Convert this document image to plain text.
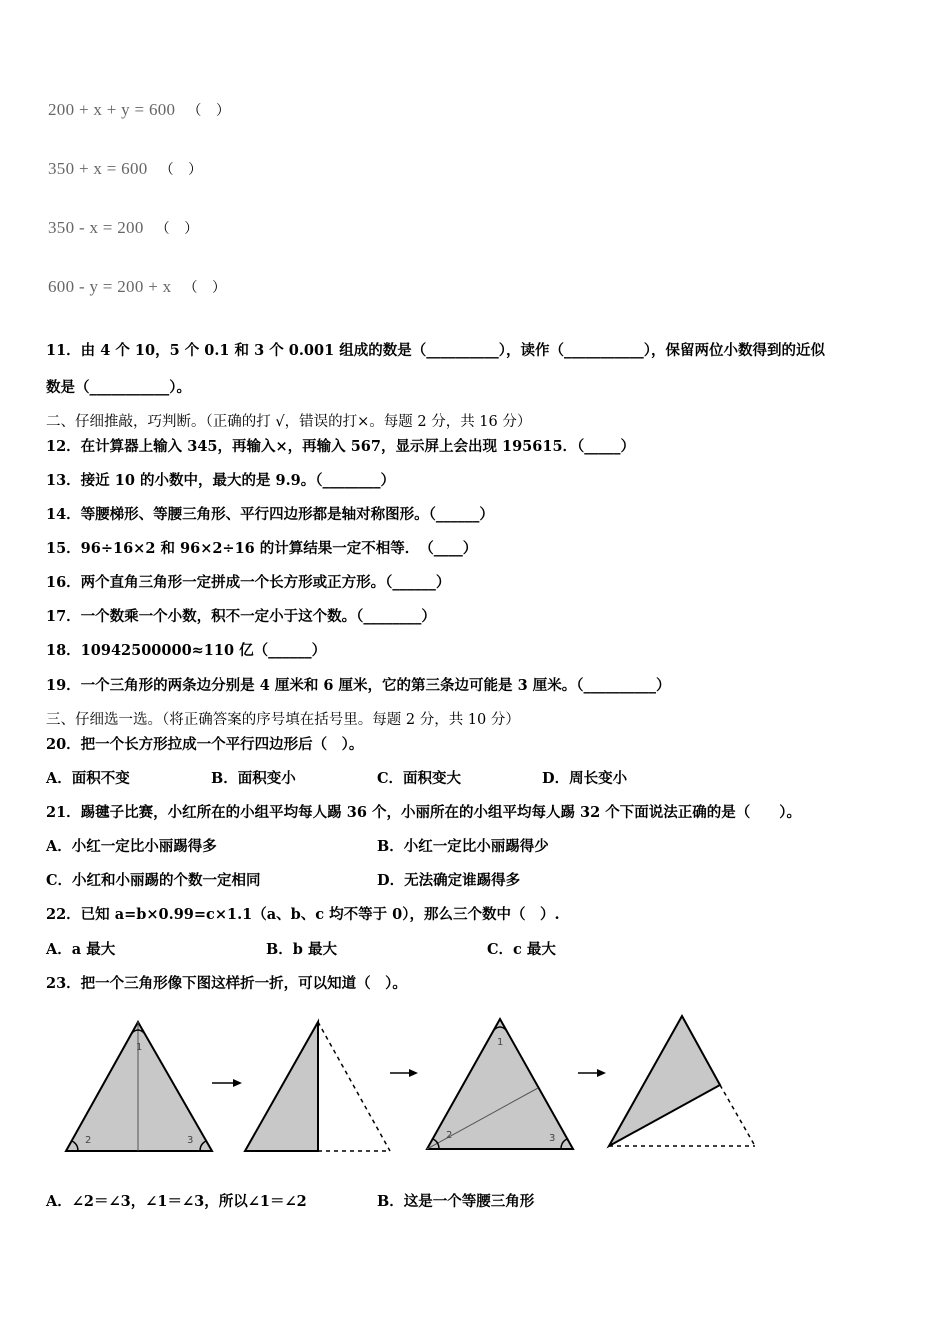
200 + x + y = 600 （　）
350 + x = 600 （　）
350 - x = 200 （　）
600 - y = 200 + x （　）
11．由 4 个 10，5 个 0.1 和 3 个 0.001 组成的数是（__________），读作（___________），保留两位小数得到的近似
数是（___________）。
二、仔细推敲，巧判断。（正确的打 √，错误的打×。每题 2 分，共 16 分）
12．在计算器上输入 345，再输入×，再输入 567，显示屏上会出现 195615．（_____）
13．接近 10 的小数中，最大的是 9.9。（________）
14．等腰梯形、等腰三角形、平行四边形都是轴对称图形。（______）
15．96÷16×2 和 96×2÷16 的计算结果一定不相等．　（____）
16．两个直角三角形一定拼成一个长方形或正方形。（______）
17．一个数乘一个小数，积不一定小于这个数。（________）
18．10942500000≈110 亿（______）
19．一个三角形的两条边分别是 4 厘米和 6 厘米，它的第三条边可能是 3 厘米。（__________）
三、仔细选一选。（将正确答案的序号填在括号里。每题 2 分，共 10 分）
20．把一个长方形拉成一个平行四边形后（　）。
A．面积不变	B．面积变小	C．面积变大	D．周长变小
21．踢毽子比赛，小红所在的小组平均每人踢 36 个，小丽所在的小组平均每人踢 32 个下面说法正确的是（　　）。
A．小红一定比小丽踢得多	B．小红一定比小丽踢得少
C．小红和小丽踢的个数一定相同	D．无法确定谁踢得多
22．已知 a=b×0.99=c×1.1（a、b、c 均不等于 0），那么三个数中（　）.
A．a 最大	B．b 最大	C．c 最大
23．把一个三角形像下图这样折一折，可以知道（　）。
1
2	3
1
2	3
A．∠2＝∠3，∠1＝∠3，所以∠1＝∠2	B．这是一个等腰三角形
